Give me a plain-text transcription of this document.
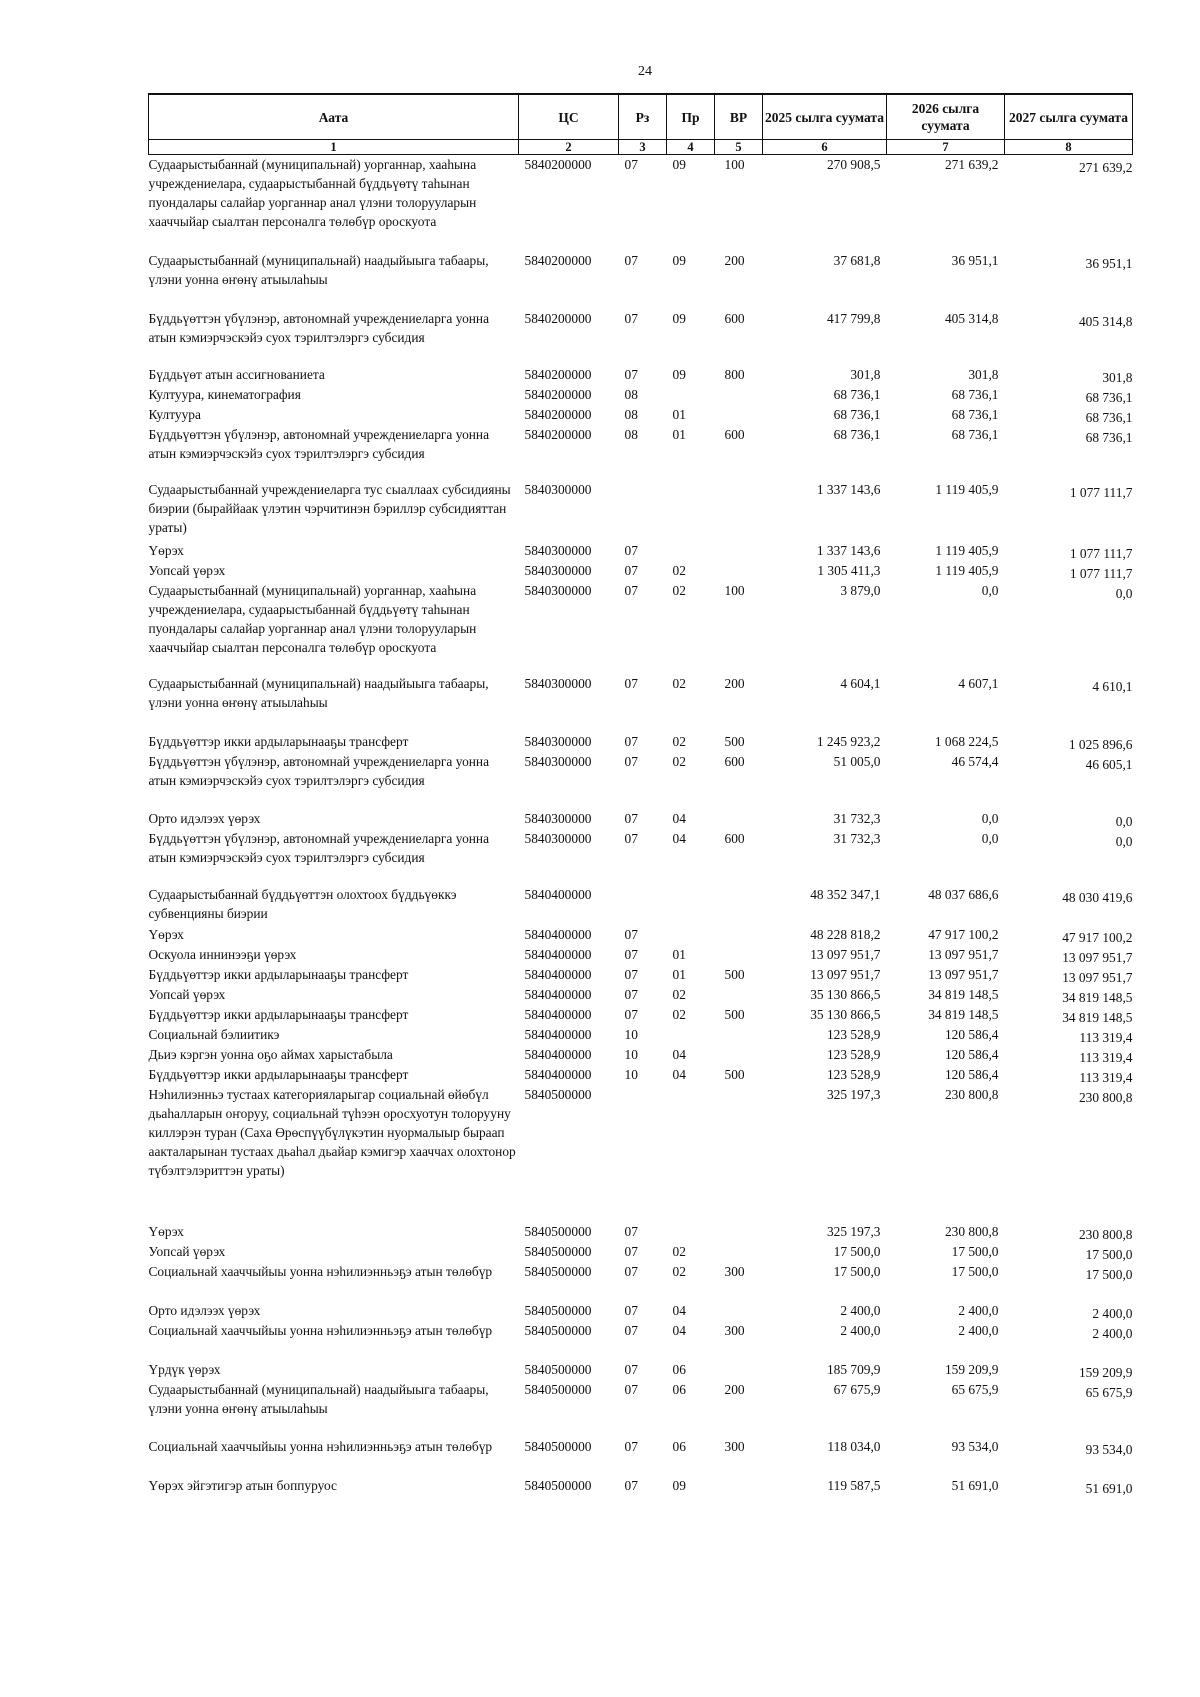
24
Аата	ЦС	Рз	Пр	ВР	2025 сылга суумата	2026 сылга суумата	2027 сылга суумата
1	2	3	4	5	6	7	8
Судаарыстыбаннай (муниципальнай) уорганнар, хааһына учреждениелара, судаарыстыбаннай бүддьүөтү таһынан пуондалары салайар уорганнар анал үлэни толорууларын хааччыйар сыалтан персоналга төлөбүр ороскуота	5840200000	07	09	100	270 908,5	271 639,2	271 639,2
Судаарыстыбаннай (муниципальнай) наадыйыыга табаары, үлэни уонна өҥөнү атыылаһыы	5840200000	07	09	200	37 681,8	36 951,1	36 951,1
Бүддьүөттэн үбүлэнэр, автономнай учреждениеларга уонна атын кэмиэрчэскэйэ суох тэрилтэлэргэ субсидия	5840200000	07	09	600	417 799,8	405 314,8	405 314,8
Бүддьүөт атын ассигнованиета	5840200000	07	09	800	301,8	301,8	301,8
Култуура, кинематография	5840200000	08			68 736,1	68 736,1	68 736,1
Култуура	5840200000	08	01		68 736,1	68 736,1	68 736,1
Бүддьүөттэн үбүлэнэр, автономнай учреждениеларга уонна атын кэмиэрчэскэйэ суох тэрилтэлэргэ субсидия	5840200000	08	01	600	68 736,1	68 736,1	68 736,1
Судаарыстыбаннай учреждениеларга тус сыаллаах субсидияны биэрии (быраййаак үлэтин чэрчитинэн бэриллэр субсидияттан ураты)	5840300000				1 337 143,6	1 119 405,9	1 077 111,7
Үөрэх	5840300000	07			1 337 143,6	1 119 405,9	1 077 111,7
Уопсай үөрэх	5840300000	07	02		1 305 411,3	1 119 405,9	1 077 111,7
Судаарыстыбаннай (муниципальнай) уорганнар, хааһына учреждениелара, судаарыстыбаннай бүддьүөтү таһынан пуондалары салайар уорганнар анал үлэни толорууларын хааччыйар сыалтан персоналга төлөбүр ороскуота	5840300000	07	02	100	3 879,0	0,0	0,0
Судаарыстыбаннай (муниципальнай) наадыйыыга табаары, үлэни уонна өҥөнү атыылаһыы	5840300000	07	02	200	4 604,1	4 607,1	4 610,1
Бүддьүөттэр икки ардыларынааҕы трансферт	5840300000	07	02	500	1 245 923,2	1 068 224,5	1 025 896,6
Бүддьүөттэн үбүлэнэр, автономнай учреждениеларга уонна атын кэмиэрчэскэйэ суох тэрилтэлэргэ субсидия	5840300000	07	02	600	51 005,0	46 574,4	46 605,1
Орто идэлээх үөрэх	5840300000	07	04		31 732,3	0,0	0,0
Бүддьүөттэн үбүлэнэр, автономнай учреждениеларга уонна атын кэмиэрчэскэйэ суох тэрилтэлэргэ субсидия	5840300000	07	04	600	31 732,3	0,0	0,0
Судаарыстыбаннай бүддьүөттэн олохтоох бүддьүөккэ субвенцияны биэрии	5840400000				48 352 347,1	48 037 686,6	48 030 419,6
Үөрэх	5840400000	07			48 228 818,2	47 917 100,2	47 917 100,2
Оскуола иннинээҕи үөрэх	5840400000	07	01		13 097 951,7	13 097 951,7	13 097 951,7
Бүддьүөттэр икки ардыларынааҕы трансферт	5840400000	07	01	500	13 097 951,7	13 097 951,7	13 097 951,7
Уопсай үөрэх	5840400000	07	02		35 130 866,5	34 819 148,5	34 819 148,5
Бүддьүөттэр икки ардыларынааҕы трансферт	5840400000	07	02	500	35 130 866,5	34 819 148,5	34 819 148,5
Социальнай бэлиитикэ	5840400000	10			123 528,9	120 586,4	113 319,4
Дьиэ кэргэн уонна оҕо аймах харыстабыла	5840400000	10	04		123 528,9	120 586,4	113 319,4
Бүддьүөттэр икки ардыларынааҕы трансферт	5840400000	10	04	500	123 528,9	120 586,4	113 319,4
Нэһилиэнньэ тустаах категорияларыгар социальнай өйөбүл дьаһалларын оҥоруу, социальнай түһээн оросхуотун толорууну киллэрэн туран (Саха Өрөспүүбүлүкэтин нуормалыыр быраап аакталарынан тустаах дьаһал дьайар кэмигэр хааччах олохтонор түбэлтэлэриттэн ураты)	5840500000				325 197,3	230 800,8	230 800,8
Үөрэх	5840500000	07			325 197,3	230 800,8	230 800,8
Уопсай үөрэх	5840500000	07	02		17 500,0	17 500,0	17 500,0
Социальнай хааччыйыы уонна нэһилиэнньэҕэ атын төлөбүр	5840500000	07	02	300	17 500,0	17 500,0	17 500,0
Орто идэлээх үөрэх	5840500000	07	04		2 400,0	2 400,0	2 400,0
Социальнай хааччыйыы уонна нэһилиэнньэҕэ атын төлөбүр	5840500000	07	04	300	2 400,0	2 400,0	2 400,0
Үрдүк үөрэх	5840500000	07	06		185 709,9	159 209,9	159 209,9
Судаарыстыбаннай (муниципальнай) наадыйыыга табаары, үлэни уонна өҥөнү атыылаһыы	5840500000	07	06	200	67 675,9	65 675,9	65 675,9
Социальнай хааччыйыы уонна нэһилиэнньэҕэ атын төлөбүр	5840500000	07	06	300	118 034,0	93 534,0	93 534,0
Үөрэх эйгэтигэр атын боппуруос	5840500000	07	09		119 587,5	51 691,0	51 691,0
